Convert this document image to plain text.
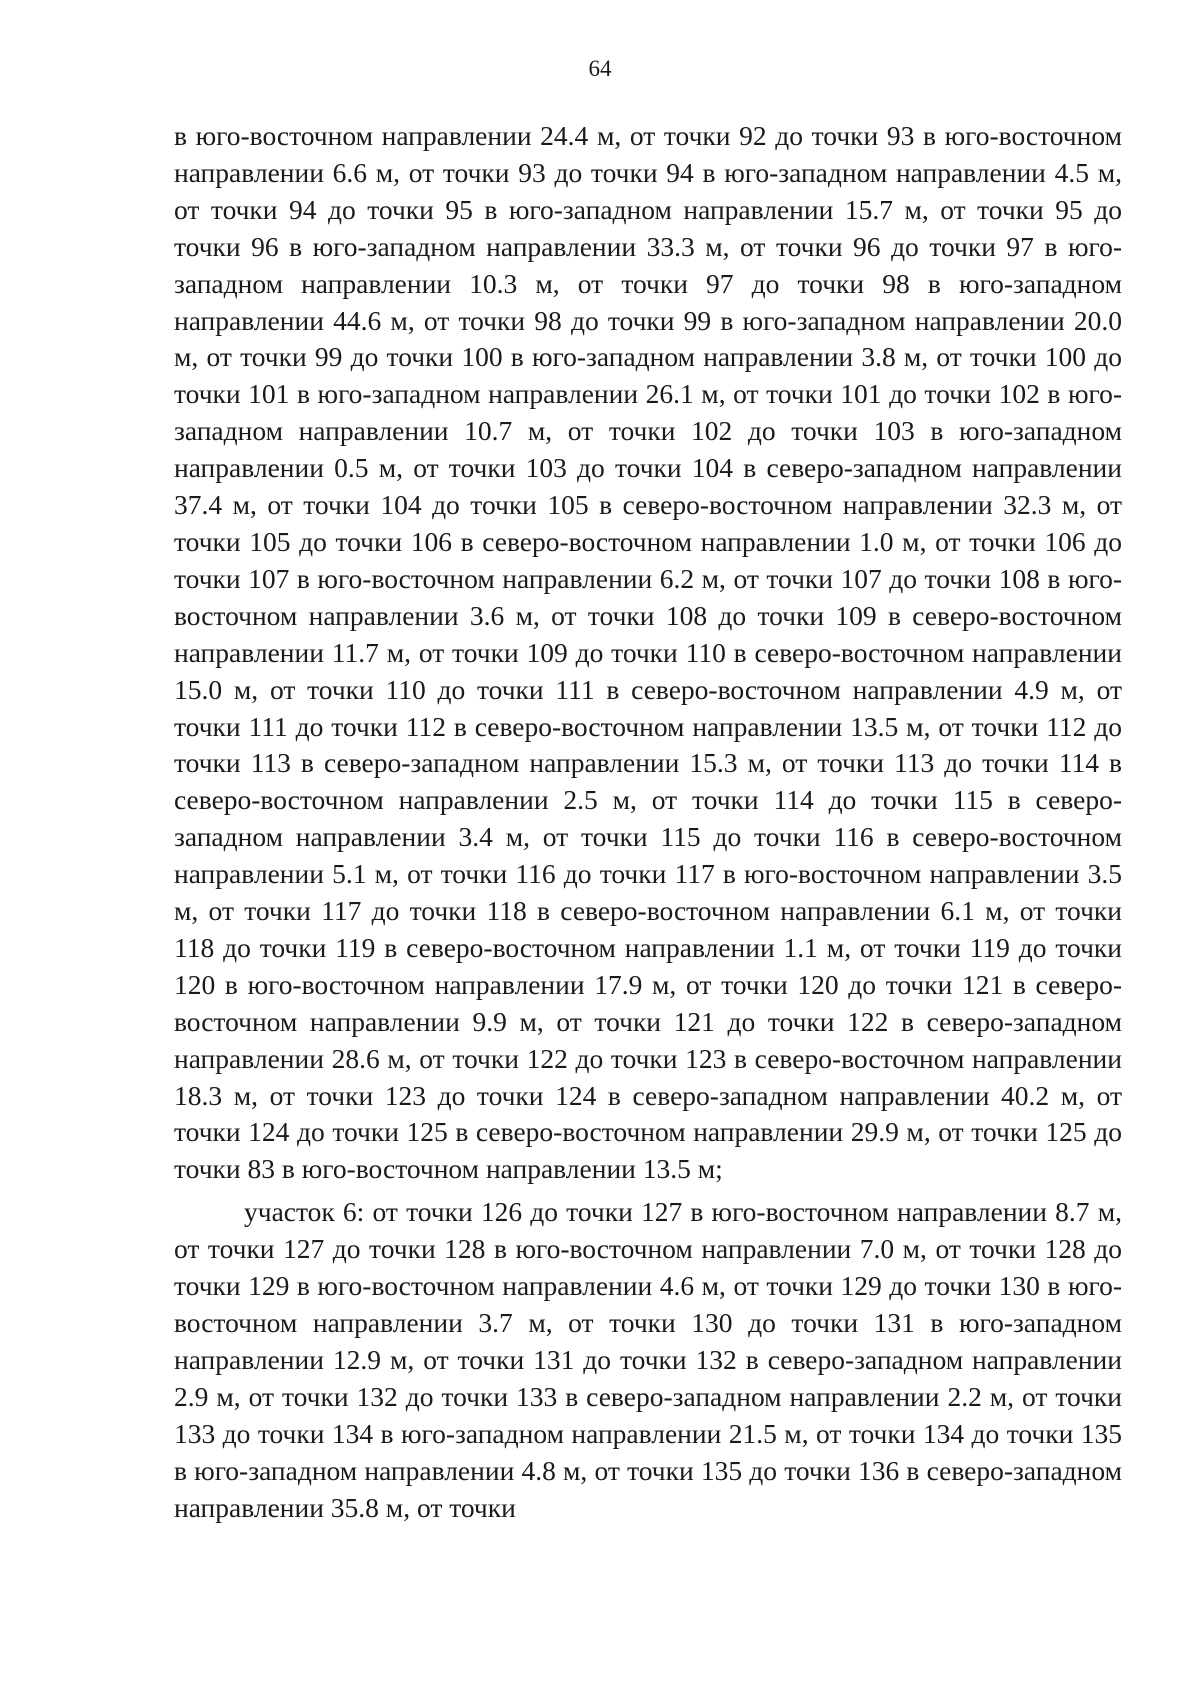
64

в юго-восточном направлении 24.4 м, от точки 92 до точки 93 в юго-восточном направлении 6.6 м, от точки 93 до точки 94 в юго-западном направлении 4.5 м, от точки 94 до точки 95 в юго-западном направлении 15.7 м, от точки 95 до точки 96 в юго-западном направлении 33.3 м, от точки 96 до точки 97 в юго-западном направлении 10.3 м, от точки 97 до точки 98 в юго-западном направлении 44.6 м, от точки 98 до точки 99 в юго-западном направлении 20.0 м, от точки 99 до точки 100 в юго-западном направлении 3.8 м, от точки 100 до точки 101 в юго-западном направлении 26.1 м, от точки 101 до точки 102 в юго-западном направлении 10.7 м, от точки 102 до точки 103 в юго-западном направлении 0.5 м, от точки 103 до точки 104 в северо-западном направлении 37.4 м, от точки 104 до точки 105 в северо-восточном направлении 32.3 м, от точки 105 до точки 106 в северо-восточном направлении 1.0 м, от точки 106 до точки 107 в юго-восточном направлении 6.2 м, от точки 107 до точки 108 в юго-восточном направлении 3.6 м, от точки 108 до точки 109 в северо-восточном направлении 11.7 м, от точки 109 до точки 110 в северо-восточном направлении 15.0 м, от точки 110 до точки 111 в северо-восточном направлении 4.9 м, от точки 111 до точки 112 в северо-восточном направлении 13.5 м, от точки 112 до точки 113 в северо-западном направлении 15.3 м, от точки 113 до точки 114 в северо-восточном направлении 2.5 м, от точки 114 до точки 115 в северо-западном направлении 3.4 м, от точки 115 до точки 116 в северо-восточном направлении 5.1 м, от точки 116 до точки 117 в юго-восточном направлении 3.5 м, от точки 117 до точки 118 в северо-восточном направлении 6.1 м, от точки 118 до точки 119 в северо-восточном направлении 1.1 м, от точки 119 до точки 120 в юго-восточном направлении 17.9 м, от точки 120 до точки 121 в северо-восточном направлении 9.9 м, от точки 121 до точки 122 в северо-западном направлении 28.6 м, от точки 122 до точки 123 в северо-восточном направлении 18.3 м, от точки 123 до точки 124 в северо-западном направлении 40.2 м, от точки 124 до точки 125 в северо-восточном направлении 29.9 м, от точки 125 до точки 83 в юго-восточном направлении 13.5 м;

участок 6: от точки 126 до точки 127 в юго-восточном направлении 8.7 м, от точки 127 до точки 128 в юго-восточном направлении 7.0 м, от точки 128 до точки 129 в юго-восточном направлении 4.6 м, от точки 129 до точки 130 в юго-восточном направлении 3.7 м, от точки 130 до точки 131 в юго-западном направлении 12.9 м, от точки 131 до точки 132 в северо-западном направлении 2.9 м, от точки 132 до точки 133 в северо-западном направлении 2.2 м, от точки 133 до точки 134 в юго-западном направлении 21.5 м, от точки 134 до точки 135 в юго-западном направлении 4.8 м, от точки 135 до точки 136 в северо-западном направлении 35.8 м, от точки
